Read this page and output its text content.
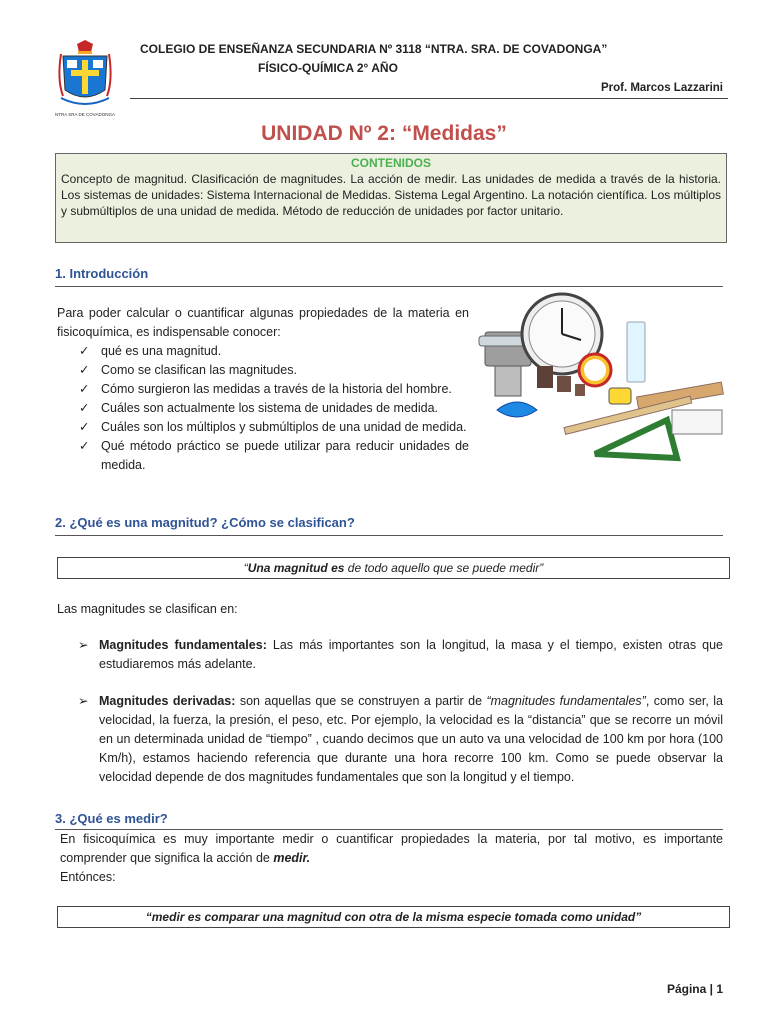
NTRA SRA DE COVADONGA
COLEGIO DE ENSEÑANZA SECUNDARIA Nº 3118 “NTRA. SRA. DE COVADONGA”
FÍSICO-QUÍMICA 2° AÑO
Prof. Marcos Lazzarini
UNIDAD Nº 2: “Medidas”
CONTENIDOS
Concepto de magnitud. Clasificación de magnitudes. La acción de medir. Las unidades de medida a través de la historia. Los sistemas de unidades: Sistema Internacional de Medidas. Sistema Legal Argentino. La notación científica. Los múltiplos y submúltiplos de una unidad de medida. Método de reducción de unidades por factor unitario.
1. Introducción
Para poder calcular o cuantificar algunas propiedades de la materia en fisicoquímica, es indispensable conocer:
✓ qué es una magnitud.
✓ Como se clasifican las magnitudes.
✓ Cómo surgieron las medidas a través de la historia del hombre.
✓ Cuáles son actualmente los sistema de unidades de medida.
✓ Cuáles son los múltiplos y submúltiplos de una unidad de medida.
✓ Qué método práctico se puede utilizar para reducir unidades de medida.
2. ¿Qué es una magnitud? ¿Cómo se clasifican?
“Una magnitud es de todo aquello que se puede medir”
Las magnitudes se clasifican en:
➢ Magnitudes fundamentales: Las más importantes son la longitud, la masa y el tiempo, existen otras que estudiaremos más adelante.
➢ Magnitudes derivadas: son aquellas que se construyen a partir de “magnitudes fundamentales”, como ser, la velocidad, la fuerza, la presión, el peso, etc. Por ejemplo, la velocidad es la “distancia” que se recorre un móvil en un determinada unidad de “tiempo” , cuando decimos que un auto va una velocidad de 100 km por hora (100 Km/h), estamos haciendo referencia que durante una hora recorre 100 km. Como se puede observar la velocidad depende de dos magnitudes fundamentales que son la longitud y el tiempo.
3. ¿Qué es medir?
En fisicoquímica es muy importante medir o cuantificar propiedades la materia, por tal motivo, es importante comprender que significa la acción de medir.
Entónces:
“medir es comparar una magnitud con otra de la misma especie tomada como unidad”
Página | 1
